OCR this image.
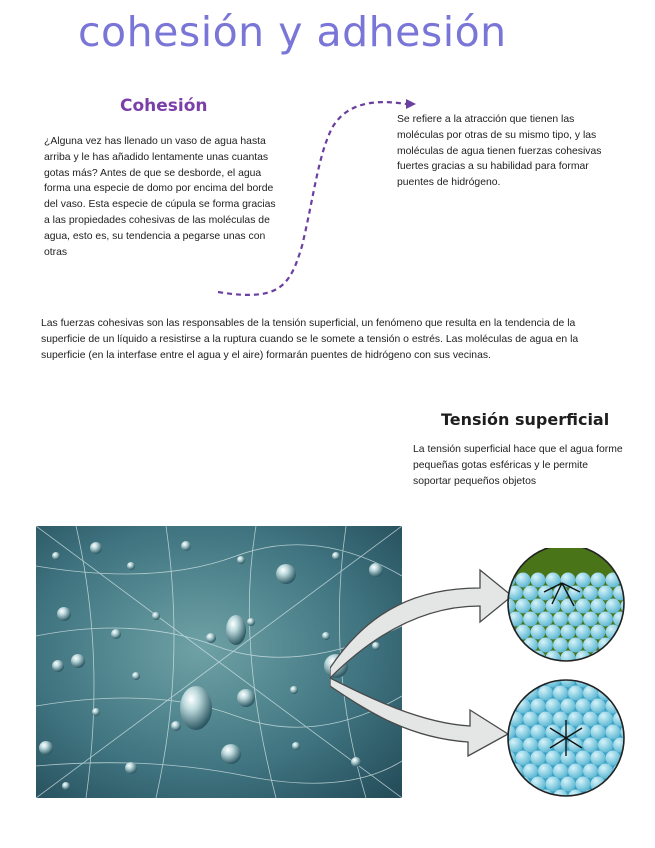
cohesión y adhesión
Cohesión

¿Alguna vez has llenado un vaso de agua hasta arriba y le has añadido lentamente unas cuantas gotas más? Antes de que se desborde, el agua forma una especie de domo por encima del borde del vaso. Esta especie de cúpula se forma gracias a las propiedades cohesivas de las moléculas de agua, esto es, su tendencia a pegarse unas con otras

Se refiere a la atracción que tienen las moléculas por otras de su mismo tipo, y las moléculas de agua tienen fuerzas cohesivas fuertes gracias a su habilidad para formar puentes de hidrógeno.

Las fuerzas cohesivas son las responsables de la tensión superficial, un fenómeno que resulta en la tendencia de la superficie de un líquido a resistirse a la ruptura cuando se le somete a tensión o estrés. Las moléculas de agua en la superficie (en la interfase entre el agua y el aire) formarán puentes de hidrógeno con sus vecinas.

Tensión superficial

La tensión superficial hace que el agua forme pequeñas gotas esféricas y le permite soportar pequeños objetos
